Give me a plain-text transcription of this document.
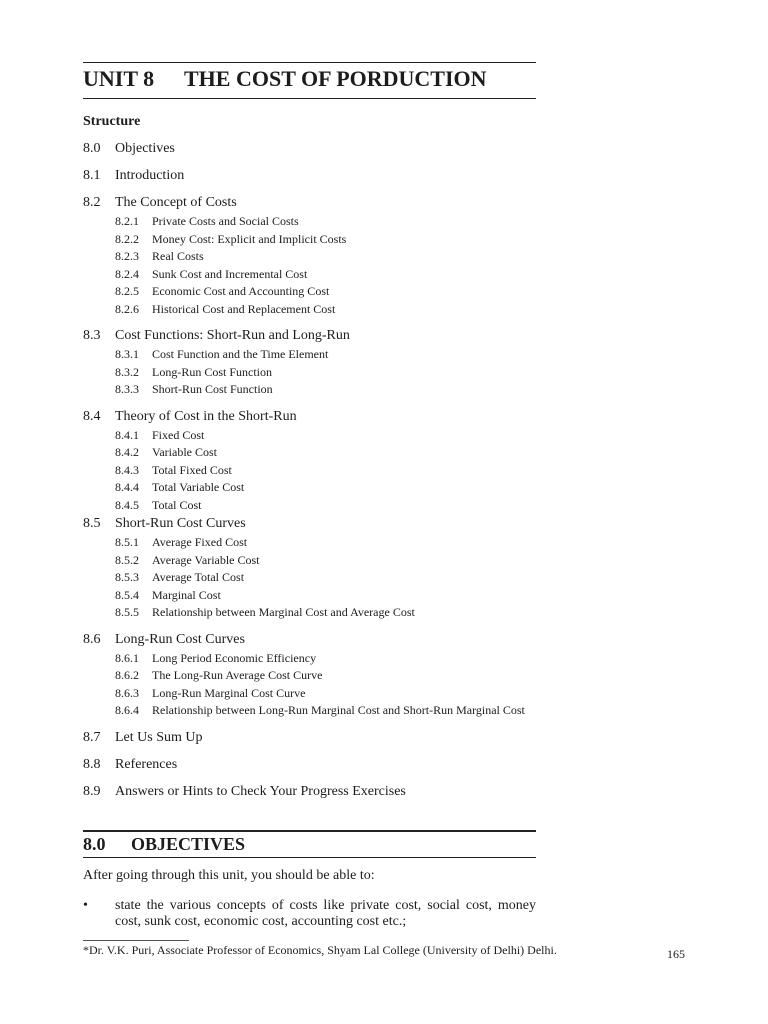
UNIT 8 THE COST OF PORDUCTION
Structure
8.0	Objectives
8.1	Introduction
8.2	The Concept of Costs
8.2.1	Private Costs and Social Costs
8.2.2	Money Cost: Explicit and Implicit Costs
8.2.3	Real Costs
8.2.4	Sunk Cost and Incremental Cost
8.2.5	Economic Cost and Accounting Cost
8.2.6	Historical Cost and Replacement Cost
8.3	Cost Functions: Short-Run and Long-Run
8.3.1	Cost Function and the Time Element
8.3.2	Long-Run Cost Function
8.3.3	Short-Run Cost Function
8.4	Theory of Cost in the Short-Run
8.4.1	Fixed Cost
8.4.2	Variable Cost
8.4.3	Total Fixed Cost
8.4.4	Total Variable Cost
8.4.5	Total Cost
8.5	Short-Run Cost Curves
8.5.1	Average Fixed Cost
8.5.2	Average Variable Cost
8.5.3	Average Total Cost
8.5.4	Marginal Cost
8.5.5	Relationship between Marginal Cost and Average Cost
8.6	Long-Run Cost Curves
8.6.1	Long Period Economic Efficiency
8.6.2	The Long-Run Average Cost Curve
8.6.3	Long-Run Marginal Cost Curve
8.6.4	Relationship between Long-Run Marginal Cost and Short-Run Marginal Cost
8.7	Let Us Sum Up
8.8	References
8.9	Answers or Hints to Check Your Progress Exercises
8.0 OBJECTIVES
After going through this unit, you should be able to:
•	state the various concepts of costs like private cost, social cost, money cost, sunk cost, economic cost, accounting cost etc.;
*Dr. V.K. Puri, Associate Professor of Economics, Shyam Lal College (University of Delhi) Delhi.	165
